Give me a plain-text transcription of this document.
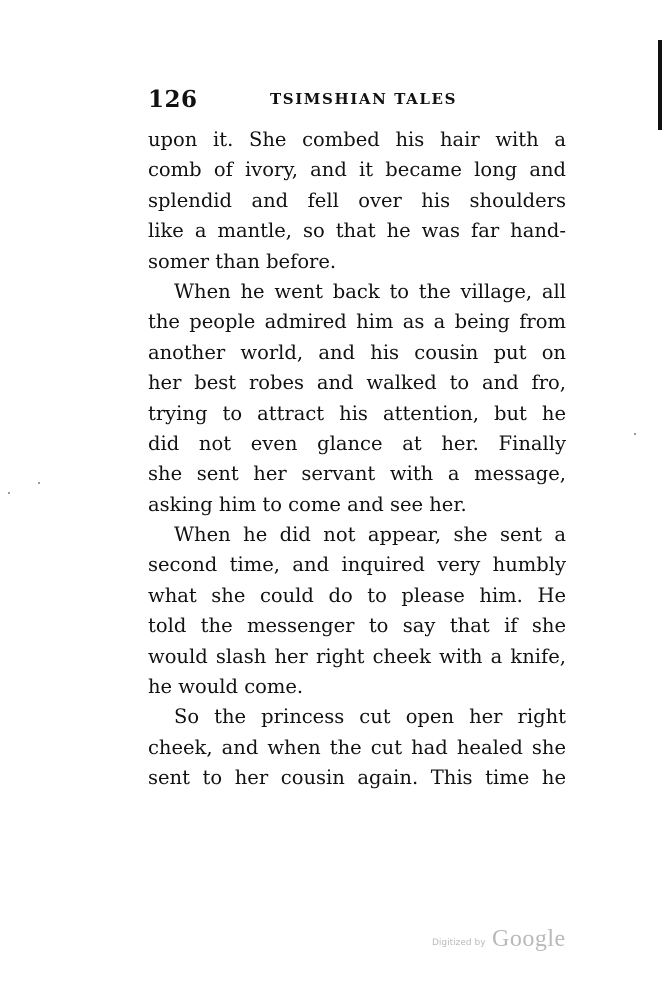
126	TSIMSHIAN TALES
upon it. She combed his hair with a
comb of ivory, and it became long and
splendid and fell over his shoulders
like a mantle, so that he was far hand-
somer than before.
When he went back to the village, all
the people admired him as a being from
another world, and his cousin put on
her best robes and walked to and fro,
trying to attract his attention, but he
did not even glance at her. Finally
she sent her servant with a message,
asking him to come and see her.
When he did not appear, she sent a
second time, and inquired very humbly
what she could do to please him. He
told the messenger to say that if she
would slash her right cheek with a knife,
he would come.
So the princess cut open her right
cheek, and when the cut had healed she
sent to her cousin again. This time he
Digitized by Google
